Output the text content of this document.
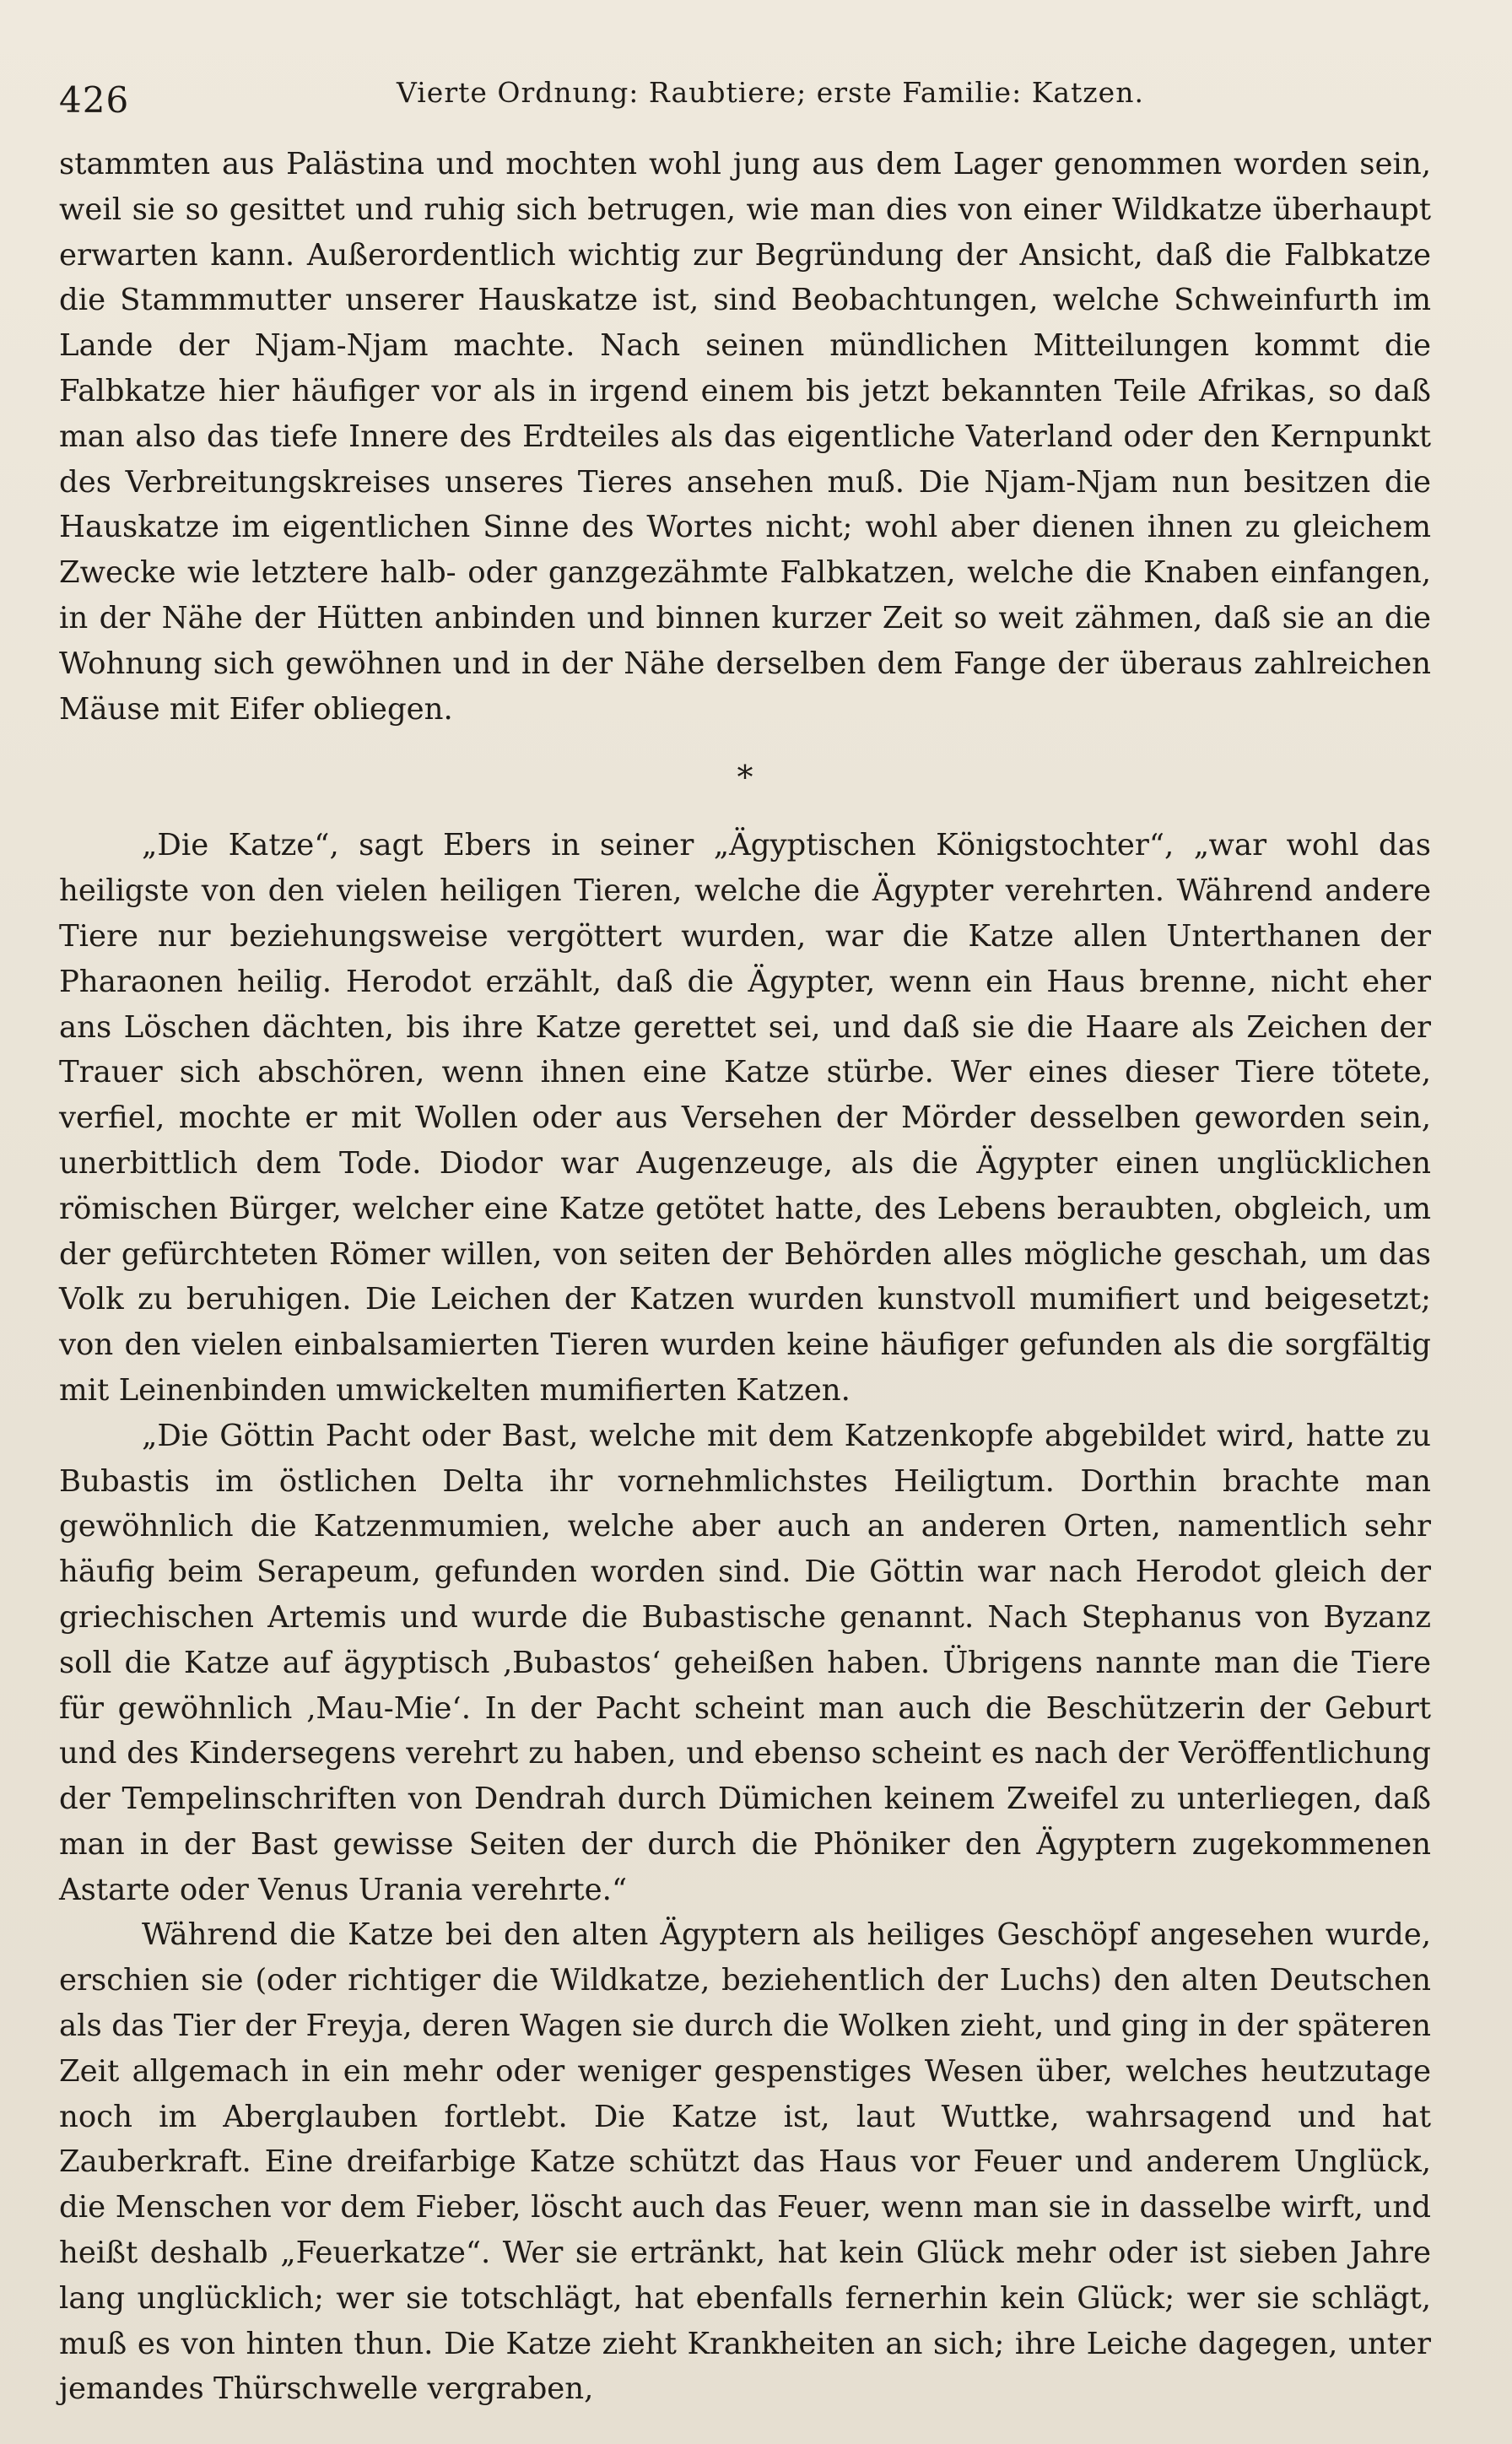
426	Vierte Ordnung: Raubtiere; erste Familie: Katzen.

stammten aus Palästina und mochten wohl jung aus dem Lager genommen worden sein, weil sie so gesittet und ruhig sich betrugen, wie man dies von einer Wildkatze überhaupt erwarten kann. Außerordentlich wichtig zur Begründung der Ansicht, daß die Falbkatze die Stammmutter unserer Hauskatze ist, sind Beobachtungen, welche Schweinfurth im Lande der Njam-Njam machte. Nach seinen mündlichen Mitteilungen kommt die Falbkatze hier häufiger vor als in irgend einem bis jetzt bekannten Teile Afrikas, so daß man also das tiefe Innere des Erdteiles als das eigentliche Vaterland oder den Kernpunkt des Verbreitungskreises unseres Tieres ansehen muß. Die Njam-Njam nun besitzen die Hauskatze im eigentlichen Sinne des Wortes nicht; wohl aber dienen ihnen zu gleichem Zwecke wie letztere halb- oder ganzgezähmte Falbkatzen, welche die Knaben einfangen, in der Nähe der Hütten anbinden und binnen kurzer Zeit so weit zähmen, daß sie an die Wohnung sich gewöhnen und in der Nähe derselben dem Fange der überaus zahlreichen Mäuse mit Eifer obliegen.

*

„Die Katze“, sagt Ebers in seiner „Ägyptischen Königstochter“, „war wohl das heiligste von den vielen heiligen Tieren, welche die Ägypter verehrten. Während andere Tiere nur beziehungsweise vergöttert wurden, war die Katze allen Unterthanen der Pharaonen heilig. Herodot erzählt, daß die Ägypter, wenn ein Haus brenne, nicht eher ans Löschen dächten, bis ihre Katze gerettet sei, und daß sie die Haare als Zeichen der Trauer sich abschören, wenn ihnen eine Katze stürbe. Wer eines dieser Tiere tötete, verfiel, mochte er mit Wollen oder aus Versehen der Mörder desselben geworden sein, unerbittlich dem Tode. Diodor war Augenzeuge, als die Ägypter einen unglücklichen römischen Bürger, welcher eine Katze getötet hatte, des Lebens beraubten, obgleich, um der gefürchteten Römer willen, von seiten der Behörden alles mögliche geschah, um das Volk zu beruhigen. Die Leichen der Katzen wurden kunstvoll mumifiert und beigesetzt; von den vielen einbalsamierten Tieren wurden keine häufiger gefunden als die sorgfältig mit Leinenbinden umwickelten mumifierten Katzen.

„Die Göttin Pacht oder Bast, welche mit dem Katzenkopfe abgebildet wird, hatte zu Bubastis im östlichen Delta ihr vornehmlichstes Heiligtum. Dorthin brachte man gewöhnlich die Katzenmumien, welche aber auch an anderen Orten, namentlich sehr häufig beim Serapeum, gefunden worden sind. Die Göttin war nach Herodot gleich der griechischen Artemis und wurde die Bubastische genannt. Nach Stephanus von Byzanz soll die Katze auf ägyptisch ‚Bubastos‘ geheißen haben. Übrigens nannte man die Tiere für gewöhnlich ‚Mau-Mie‘. In der Pacht scheint man auch die Beschützerin der Geburt und des Kindersegens verehrt zu haben, und ebenso scheint es nach der Veröffentlichung der Tempelinschriften von Dendrah durch Dümichen keinem Zweifel zu unterliegen, daß man in der Bast gewisse Seiten der durch die Phöniker den Ägyptern zugekommenen Astarte oder Venus Urania verehrte.“

Während die Katze bei den alten Ägyptern als heiliges Geschöpf angesehen wurde, erschien sie (oder richtiger die Wildkatze, beziehentlich der Luchs) den alten Deutschen als das Tier der Freyja, deren Wagen sie durch die Wolken zieht, und ging in der späteren Zeit allgemach in ein mehr oder weniger gespenstiges Wesen über, welches heutzutage noch im Aberglauben fortlebt. Die Katze ist, laut Wuttke, wahrsagend und hat Zauberkraft. Eine dreifarbige Katze schützt das Haus vor Feuer und anderem Unglück, die Menschen vor dem Fieber, löscht auch das Feuer, wenn man sie in dasselbe wirft, und heißt deshalb „Feuerkatze“. Wer sie ertränkt, hat kein Glück mehr oder ist sieben Jahre lang unglücklich; wer sie totschlägt, hat ebenfalls fernerhin kein Glück; wer sie schlägt, muß es von hinten thun. Die Katze zieht Krankheiten an sich; ihre Leiche dagegen, unter jemandes Thürschwelle vergraben,
